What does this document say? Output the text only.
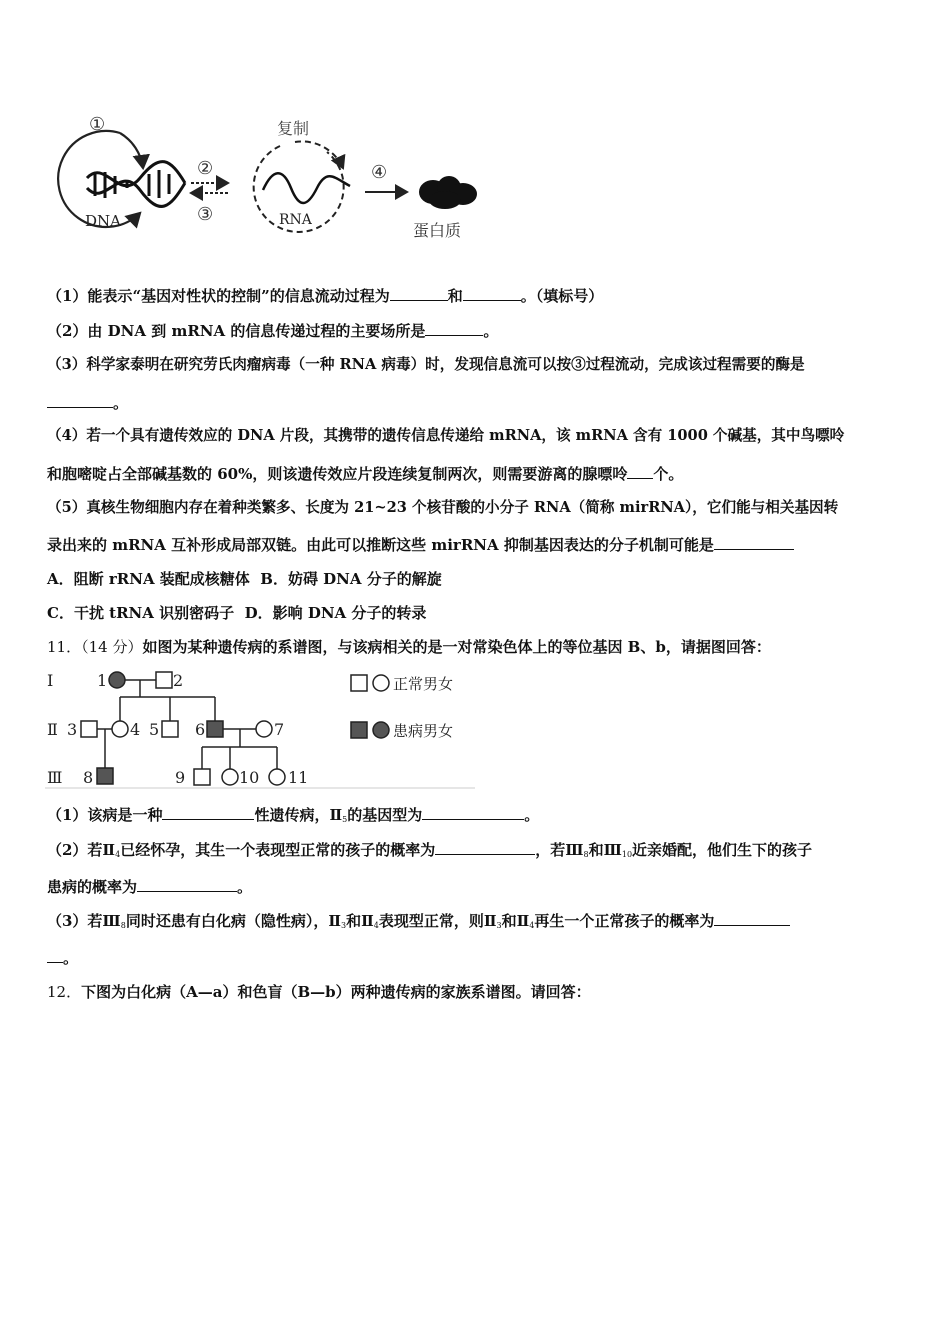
①
DNA
②
③
复制
RNA
④
蛋白质
（1）能表示“基因对性状的控制”的信息流动过程为	和	。（填标号）
（2）由 DNA 到 mRNA 的信息传递过程的主要场所是	。
（3）科学家泰明在研究劳氏肉瘤病毒（一种 RNA 病毒）时，发现信息流可以按③过程流动，完成该过程需要的酶是
。
（4）若一个具有遗传效应的 DNA 片段，其携带的遗传信息传递给 mRNA，该 mRNA 含有 1000 个碱基，其中鸟嘌呤
和胞嘧啶占全部碱基数的 60%，则该遗传效应片段连续复制两次，则需要游离的腺嘌呤 个。
（5）真核生物细胞内存在着种类繁多、长度为 21~23 个核苷酸的小分子 RNA（简称 mirRNA），它们能与相关基因转
录出来的 mRNA 互补形成局部双链。由此可以推断这些 mirRNA 抑制基因表达的分子机制可能是
A．阻断 rRNA 装配成核糖体 B．妨碍 DNA 分子的解旋
C．干扰 tRNA 识别密码子 D．影响 DNA 分子的转录
11．（14 分）如图为某种遗传病的系谱图，与该病相关的是一对常染色体上的等位基因 B、b，请据图回答：
Ⅰ
Ⅱ
Ⅲ
1	2
3	4 5 6	7
8	9	10 11
正常男女
患病男女
（1）该病是一种	性遗传病，$Ⅱ_5$的基因型为	。
（2）若$Ⅱ_4$已经怀孕，其生一个表现型正常的孩子的概率为	，若$Ⅲ_8$和$Ⅲ_{10}$近亲婚配，他们生下的孩子
患病的概率为	。
（3）若$Ⅲ_8$同时还患有白化病（隐性病），$Ⅱ_3$和$Ⅱ_4$表现型正常，则$Ⅱ_3$和$Ⅱ_4$再生一个正常孩子的概率为
。
12．下图为白化病（A—a）和色盲（B—b）两种遗传病的家族系谱图。请回答：
